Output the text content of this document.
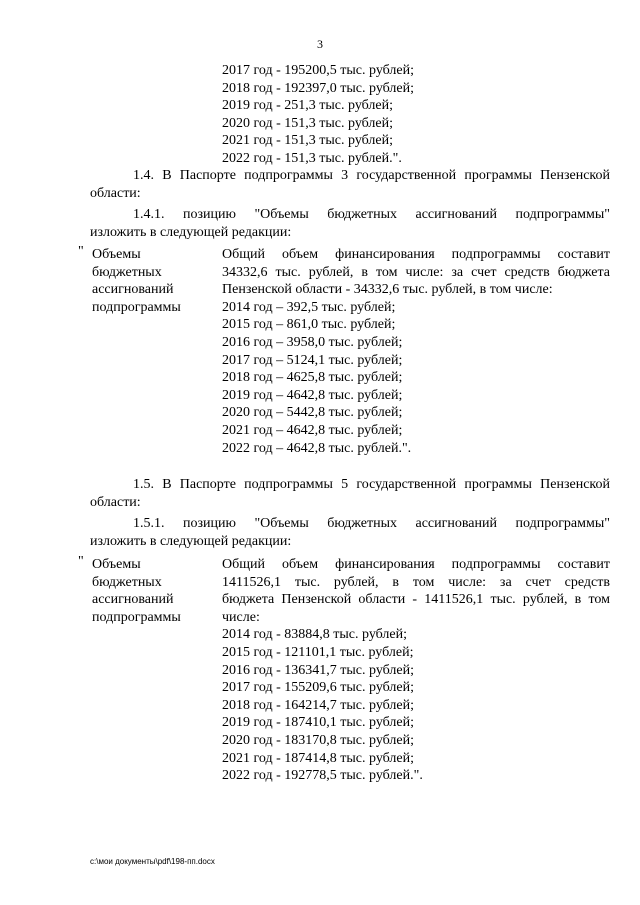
3
2017 год - 195200,5 тыс. рублей;
2018 год - 192397,0 тыс. рублей;
2019 год - 251,3 тыс. рублей;
2020 год - 151,3 тыс. рублей;
2021 год - 151,3 тыс. рублей;
2022 год - 151,3 тыс. рублей.".
1.4. В Паспорте подпрограммы 3 государственной программы Пензенской
области:
1.4.1. позицию "Объемы бюджетных ассигнований подпрограммы"
изложить в следующей редакции:
" Объемы
бюджетных
ассигнований
подпрограммы
Общий объем финансирования подпрограммы составит
34332,6 тыс. рублей, в том числе: за счет средств бюджета
Пензенской области - 34332,6 тыс. рублей, в том числе:
2014 год – 392,5 тыс. рублей;
2015 год – 861,0 тыс. рублей;
2016 год – 3958,0 тыс. рублей;
2017 год – 5124,1 тыс. рублей;
2018 год – 4625,8 тыс. рублей;
2019 год – 4642,8 тыс. рублей;
2020 год – 5442,8 тыс. рублей;
2021 год – 4642,8 тыс. рублей;
2022 год – 4642,8 тыс. рублей.".
1.5. В Паспорте подпрограммы 5 государственной программы Пензенской
области:
1.5.1. позицию "Объемы бюджетных ассигнований подпрограммы"
изложить в следующей редакции:
" Объемы
бюджетных
ассигнований
подпрограммы
Общий объем финансирования подпрограммы составит
1411526,1 тыс. рублей, в том числе: за счет средств
бюджета Пензенской области - 1411526,1 тыс. рублей, в том
числе:
2014 год - 83884,8 тыс. рублей;
2015 год - 121101,1 тыс. рублей;
2016 год - 136341,7 тыс. рублей;
2017 год - 155209,6 тыс. рублей;
2018 год - 164214,7 тыс. рублей;
2019 год - 187410,1 тыс. рублей;
2020 год - 183170,8 тыс. рублей;
2021 год - 187414,8 тыс. рублей;
2022 год - 192778,5 тыс. рублей.".
c:\мои документы\pdf\198-пп.docx
